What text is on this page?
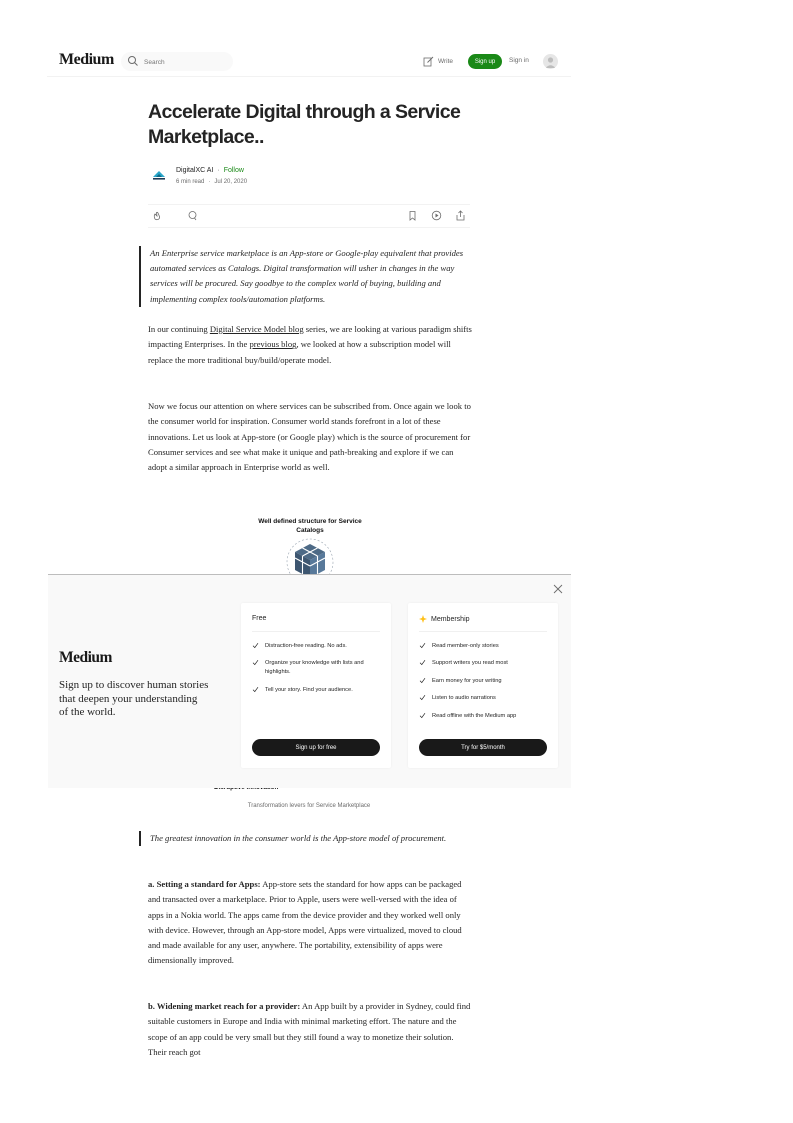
Medium
Search	Write	Sign up	Sign in
Accelerate Digital through a Service Marketplace..
DigitalXC AI · Follow
6 min read · Jul 20, 2020

An Enterprise service marketplace is an App-store or Google-play equivalent that provides automated services as Catalogs. Digital transformation will usher in changes in the way services will be procured. Say goodbye to the complex world of buying, building and implementing complex tools/automation platforms.

In our continuing Digital Service Model blog series, we are looking at various paradigm shifts impacting Enterprises. In the previous blog, we looked at how a subscription model will replace the more traditional buy/build/operate model.

Now we focus our attention on where services can be subscribed from. Once again we look to the consumer world for inspiration. Consumer world stands forefront in a lot of these innovations. Let us look at App-store (or Google play) which is the source of procurement for Consumer services and see what make it unique and path-breaking and explore if we can adopt a similar approach in Enterprise world as well.

Well defined structure for Service Catalogs
Transformation levers for Service Marketplace

The greatest innovation in the consumer world is the App-store model of procurement.

a. Setting a standard for Apps: App-store sets the standard for how apps can be packaged and transacted over a marketplace. Prior to Apple, users were well-versed with the idea of apps in a Nokia world. The apps came from the device provider and they worked well only with device. However, through an App-store model, Apps were virtualized, moved to cloud and made available for any user, anywhere. The portability, extensibility of apps were dimensionally improved.

b. Widening market reach for a provider: An App built by a provider in Sydney, could find suitable customers in Europe and India with minimal marketing effort. The nature and the scope of an app could be very small but they still found a way to monetize their solution. Their reach got

Medium

Sign up to discover human stories that deepen your understanding of the world.

Free
Distraction-free reading. No ads.
Organize your knowledge with lists and highlights.
Tell your story. Find your audience.
Sign up for free
Membership
Read member-only stories
Support writers you read most
Earn money for your writing
Listen to audio narrations
Read offline with the Medium app
Try for $5/month
